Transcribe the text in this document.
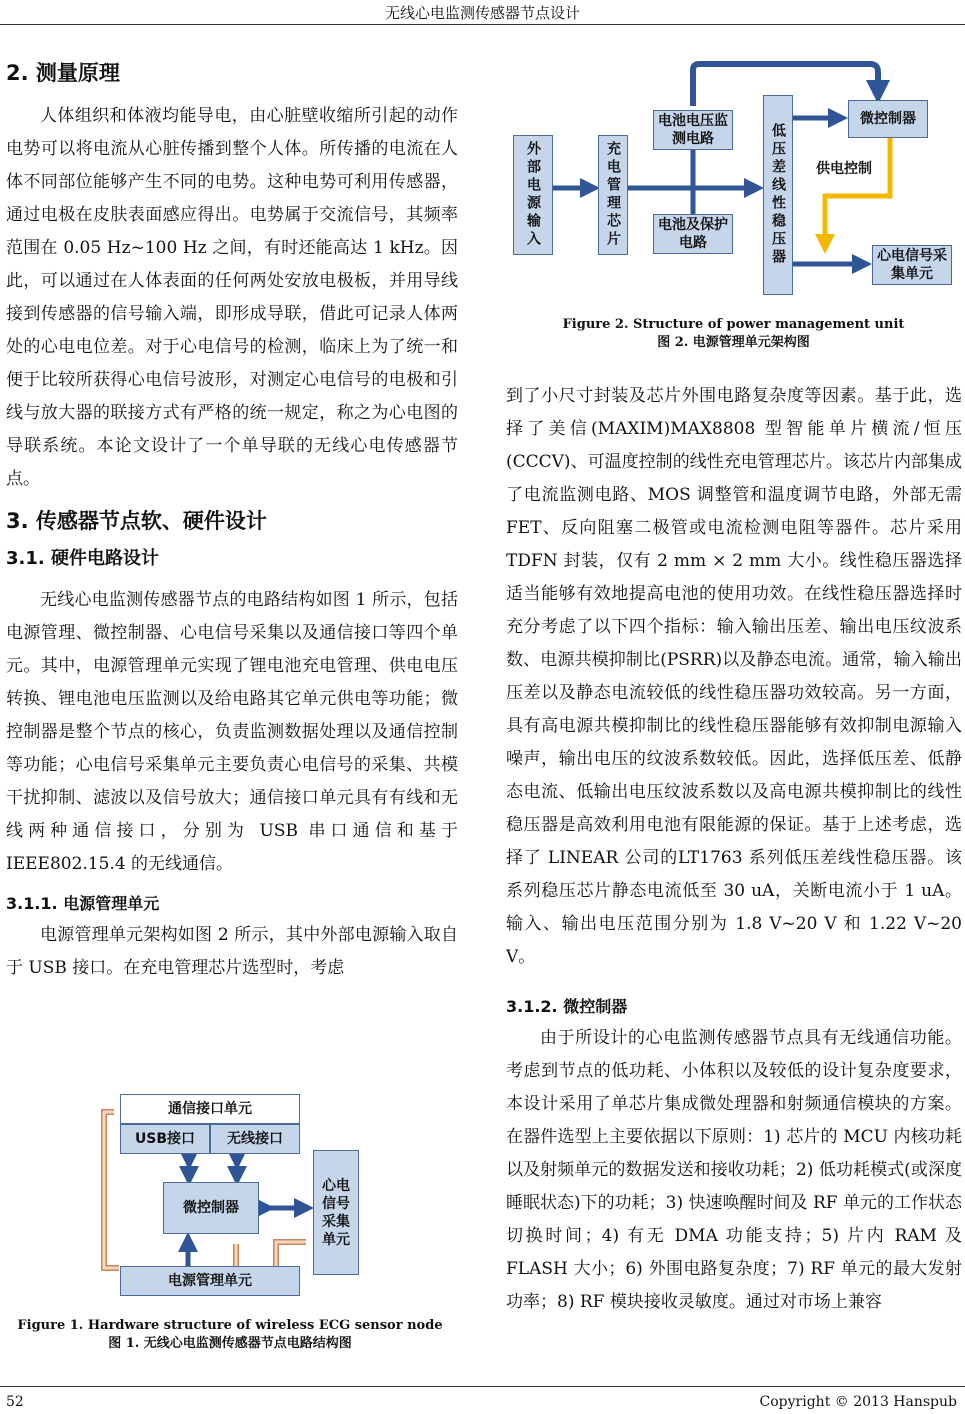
无线心电监测传感器节点设计
2. 测量原理

人体组织和体液均能导电，由心脏壁收缩所引起的动作电势可以将电流从心脏传播到整个人体。所传播的电流在人体不同部位能够产生不同的电势。这种电势可利用传感器，通过电极在皮肤表面感应得出。电势属于交流信号，其频率范围在 0.05 Hz~100 Hz 之间，有时还能高达 1 kHz。因此，可以通过在人体表面的任何两处安放电极板，并用导线接到传感器的信号输入端，即形成导联，借此可记录人体两处的心电电位差。对于心电信号的检测，临床上为了统一和便于比较所获得心电信号波形，对测定心电信号的电极和引线与放大器的联接方式有严格的统一规定，称之为心电图的导联系统。本论文设计了一个单导联的无线心电传感器节点。

3. 传感器节点软、硬件设计
3.1. 硬件电路设计

无线心电监测传感器节点的电路结构如图 1 所示，包括电源管理、微控制器、心电信号采集以及通信接口等四个单元。其中，电源管理单元实现了锂电池充电管理、供电电压转换、锂电池电压监测以及给电路其它单元供电等功能；微控制器是整个节点的核心，负责监测数据处理以及通信控制等功能；心电信号采集单元主要负责心电信号的采集、共模干扰抑制、滤波以及信号放大；通信接口单元具有有线和无线两种通信接口，分别为 USB 串口通信和基于IEEE802.15.4 的无线通信。

3.1.1. 电源管理单元

电源管理单元架构如图 2 所示，其中外部电源输入取自于 USB 接口。在充电管理芯片选型时，考虑

通信接口单元
USB接口	无线接口
微控制器
心电信号采集单元
电源管理单元
Figure 1. Hardware structure of wireless ECG sensor node
图 1. 无线心电监测传感器节点电路结构图
外部电源输入	充电管理芯片
电池电压监测电路
电池及保护电路	低压差线性稳压器
微控制器
供电控制
心电信号采集单元
Figure 2. Structure of power management unit
图 2. 电源管理单元架构图

到了小尺寸封装及芯片外围电路复杂度等因素。基于此，选择了美信(MAXIM)MAX8808 型智能单片横流/恒压(CCCV)、可温度控制的线性充电管理芯片。该芯片内部集成了电流监测电路、MOS 调整管和温度调节电路，外部无需 FET、反向阻塞二极管或电流检测电阻等器件。芯片采用 TDFN 封装，仅有 2 mm × 2 mm 大小。线性稳压器选择适当能够有效地提高电池的使用功效。在线性稳压器选择时充分考虑了以下四个指标：输入输出压差、输出电压纹波系数、电源共模抑制比(PSRR)以及静态电流。通常，输入输出压差以及静态电流较低的线性稳压器功效较高。另一方面，具有高电源共模抑制比的线性稳压器能够有效抑制电源输入噪声，输出电压的纹波系数较低。因此，选择低压差、低静态电流、低输出电压纹波系数以及高电源共模抑制比的线性稳压器是高效利用电池有限能源的保证。基于上述考虑，选择了 LINEAR 公司的LT1763 系列低压差线性稳压器。该系列稳压芯片静态电流低至 30 uA，关断电流小于 1 uA。输入、输出电压范围分别为 1.8 V~20 V 和 1.22 V~20 V。

3.1.2. 微控制器

由于所设计的心电监测传感器节点具有无线通信功能。考虑到节点的低功耗、小体积以及较低的设计复杂度要求，本设计采用了单芯片集成微处理器和射频通信模块的方案。在器件选型上主要依据以下原则：1) 芯片的 MCU 内核功耗以及射频单元的数据发送和接收功耗；2) 低功耗模式(或深度睡眠状态)下的功耗；3) 快速唤醒时间及 RF 单元的工作状态切换时间；4) 有无 DMA 功能支持；5) 片内 RAM 及 FLASH 大小；6) 外围电路复杂度；7) RF 单元的最大发射功率；8) RF 模块接收灵敏度。通过对市场上兼容

52	Copyright © 2013 Hanspub
